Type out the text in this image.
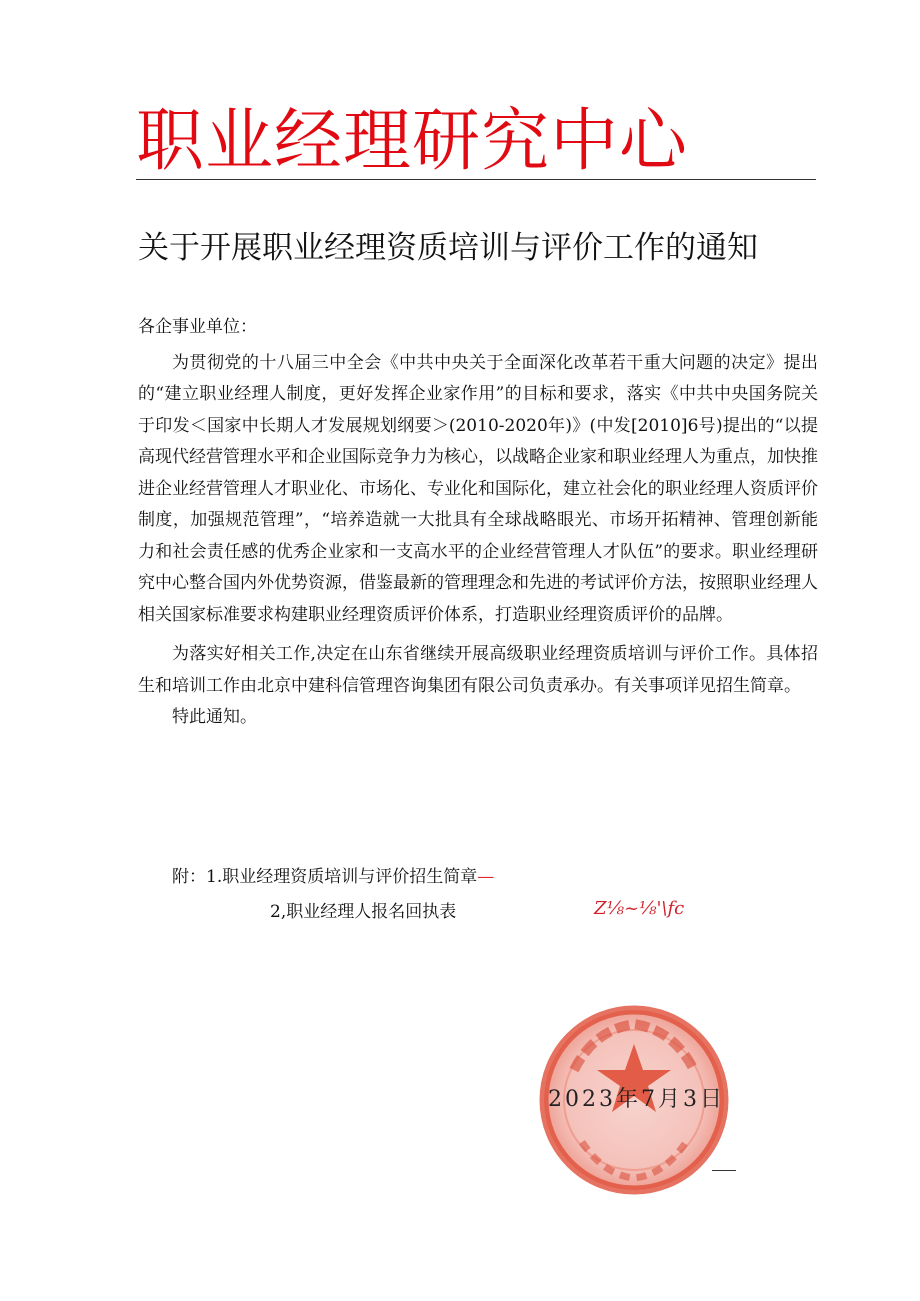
职业经理研究中心
关于开展职业经理资质培训与评价工作的通知

各企事业单位：

为贯彻党的十八届三中全会《中共中央关于全面深化改革若干重大问题的决定》提出的“建立职业经理人制度，更好发挥企业家作用”的目标和要求，落实《中共中央国务院关于印发＜国家中长期人才发展规划纲要＞(2010-2020年)》(中发[2010]6号)提出的“以提高现代经营管理水平和企业国际竞争力为核心，以战略企业家和职业经理人为重点，加快推进企业经营管理人才职业化、市场化、专业化和国际化，建立社会化的职业经理人资质评价制度，加强规范管理”，“培养造就一大批具有全球战略眼光、市场开拓精神、管理创新能力和社会责任感的优秀企业家和一支高水平的企业经营管理人才队伍”的要求。职业经理研究中心整合国内外优势资源，借鉴最新的管理理念和先进的考试评价方法，按照职业经理人相关国家标准要求构建职业经理资质评价体系，打造职业经理资质评价的品牌。

为落实好相关工作,决定在山东省继续开展高级职业经理资质培训与评价工作。具体招生和培训工作由北京中建科信管理咨询集团有限公司负责承办。有关事项详见招生简章。

特此通知。

附：1.职业经理资质培训与评价招生简章—
2,职业经理人报名回执表	Z⅛~⅛'\fc
2023年7月3日
